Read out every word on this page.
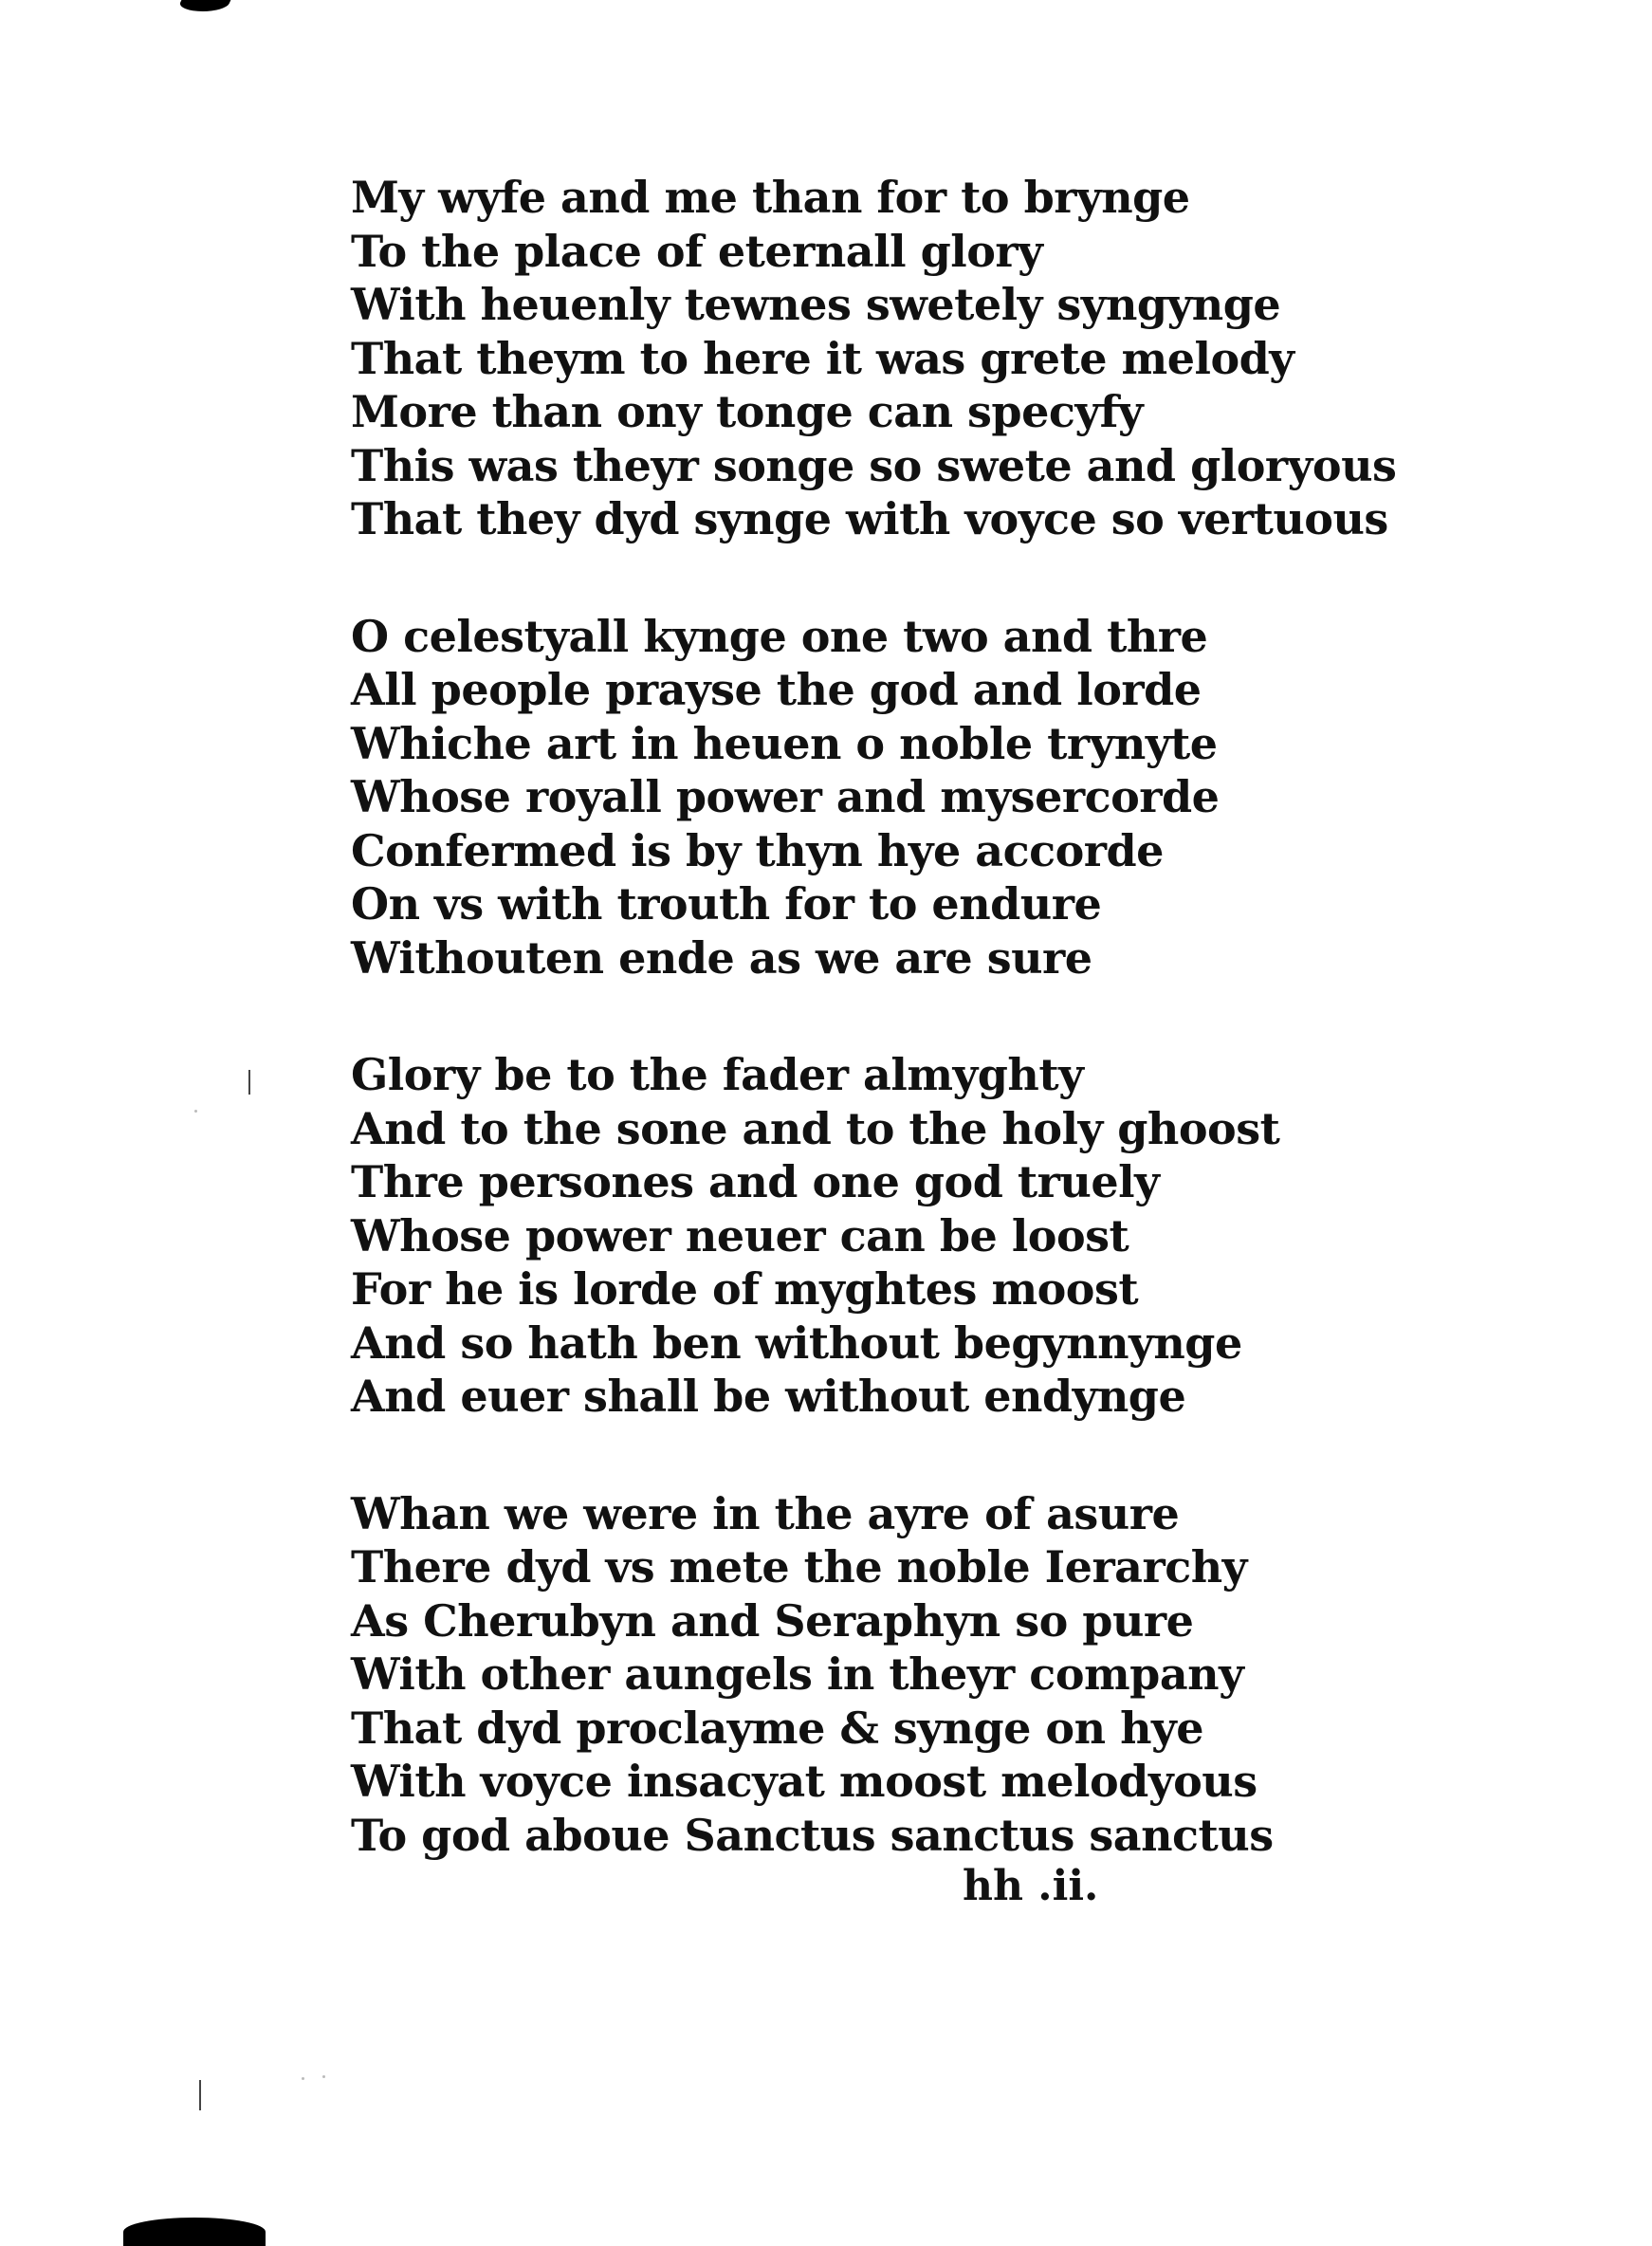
My wyfe and me than for to brynge
To the place of eternall glory
With heuenly tewnes swetely syngynge
That theym to here it was grete melody
More than ony tonge can specyfy
This was theyr songe so swete and gloryous
That they dyd synge with voyce so vertuous
O celestyall kynge one two and thre
All people prayse the god and lorde
Whiche art in heuen o noble trynyte
Whose royall power and mysercorde
Confermed is by thyn hye accorde
On vs with trouth for to endure
Withouten ende as we are sure
Glory be to the fader almyghty
And to the sone and to the holy ghoost
Thre persones and one god truely
Whose power neuer can be loost
For he is lorde of myghtes moost
And so hath ben without begynnynge
And euer shall be without endynge
Whan we were in the ayre of asure
There dyd vs mete the noble Ierarchy
As Cherubyn and Seraphyn so pure
With other aungels in theyr company
That dyd proclayme & synge on hye
With voyce insacyat moost melodyous
To god aboue Sanctus sanctus sanctus
hh .ii.
